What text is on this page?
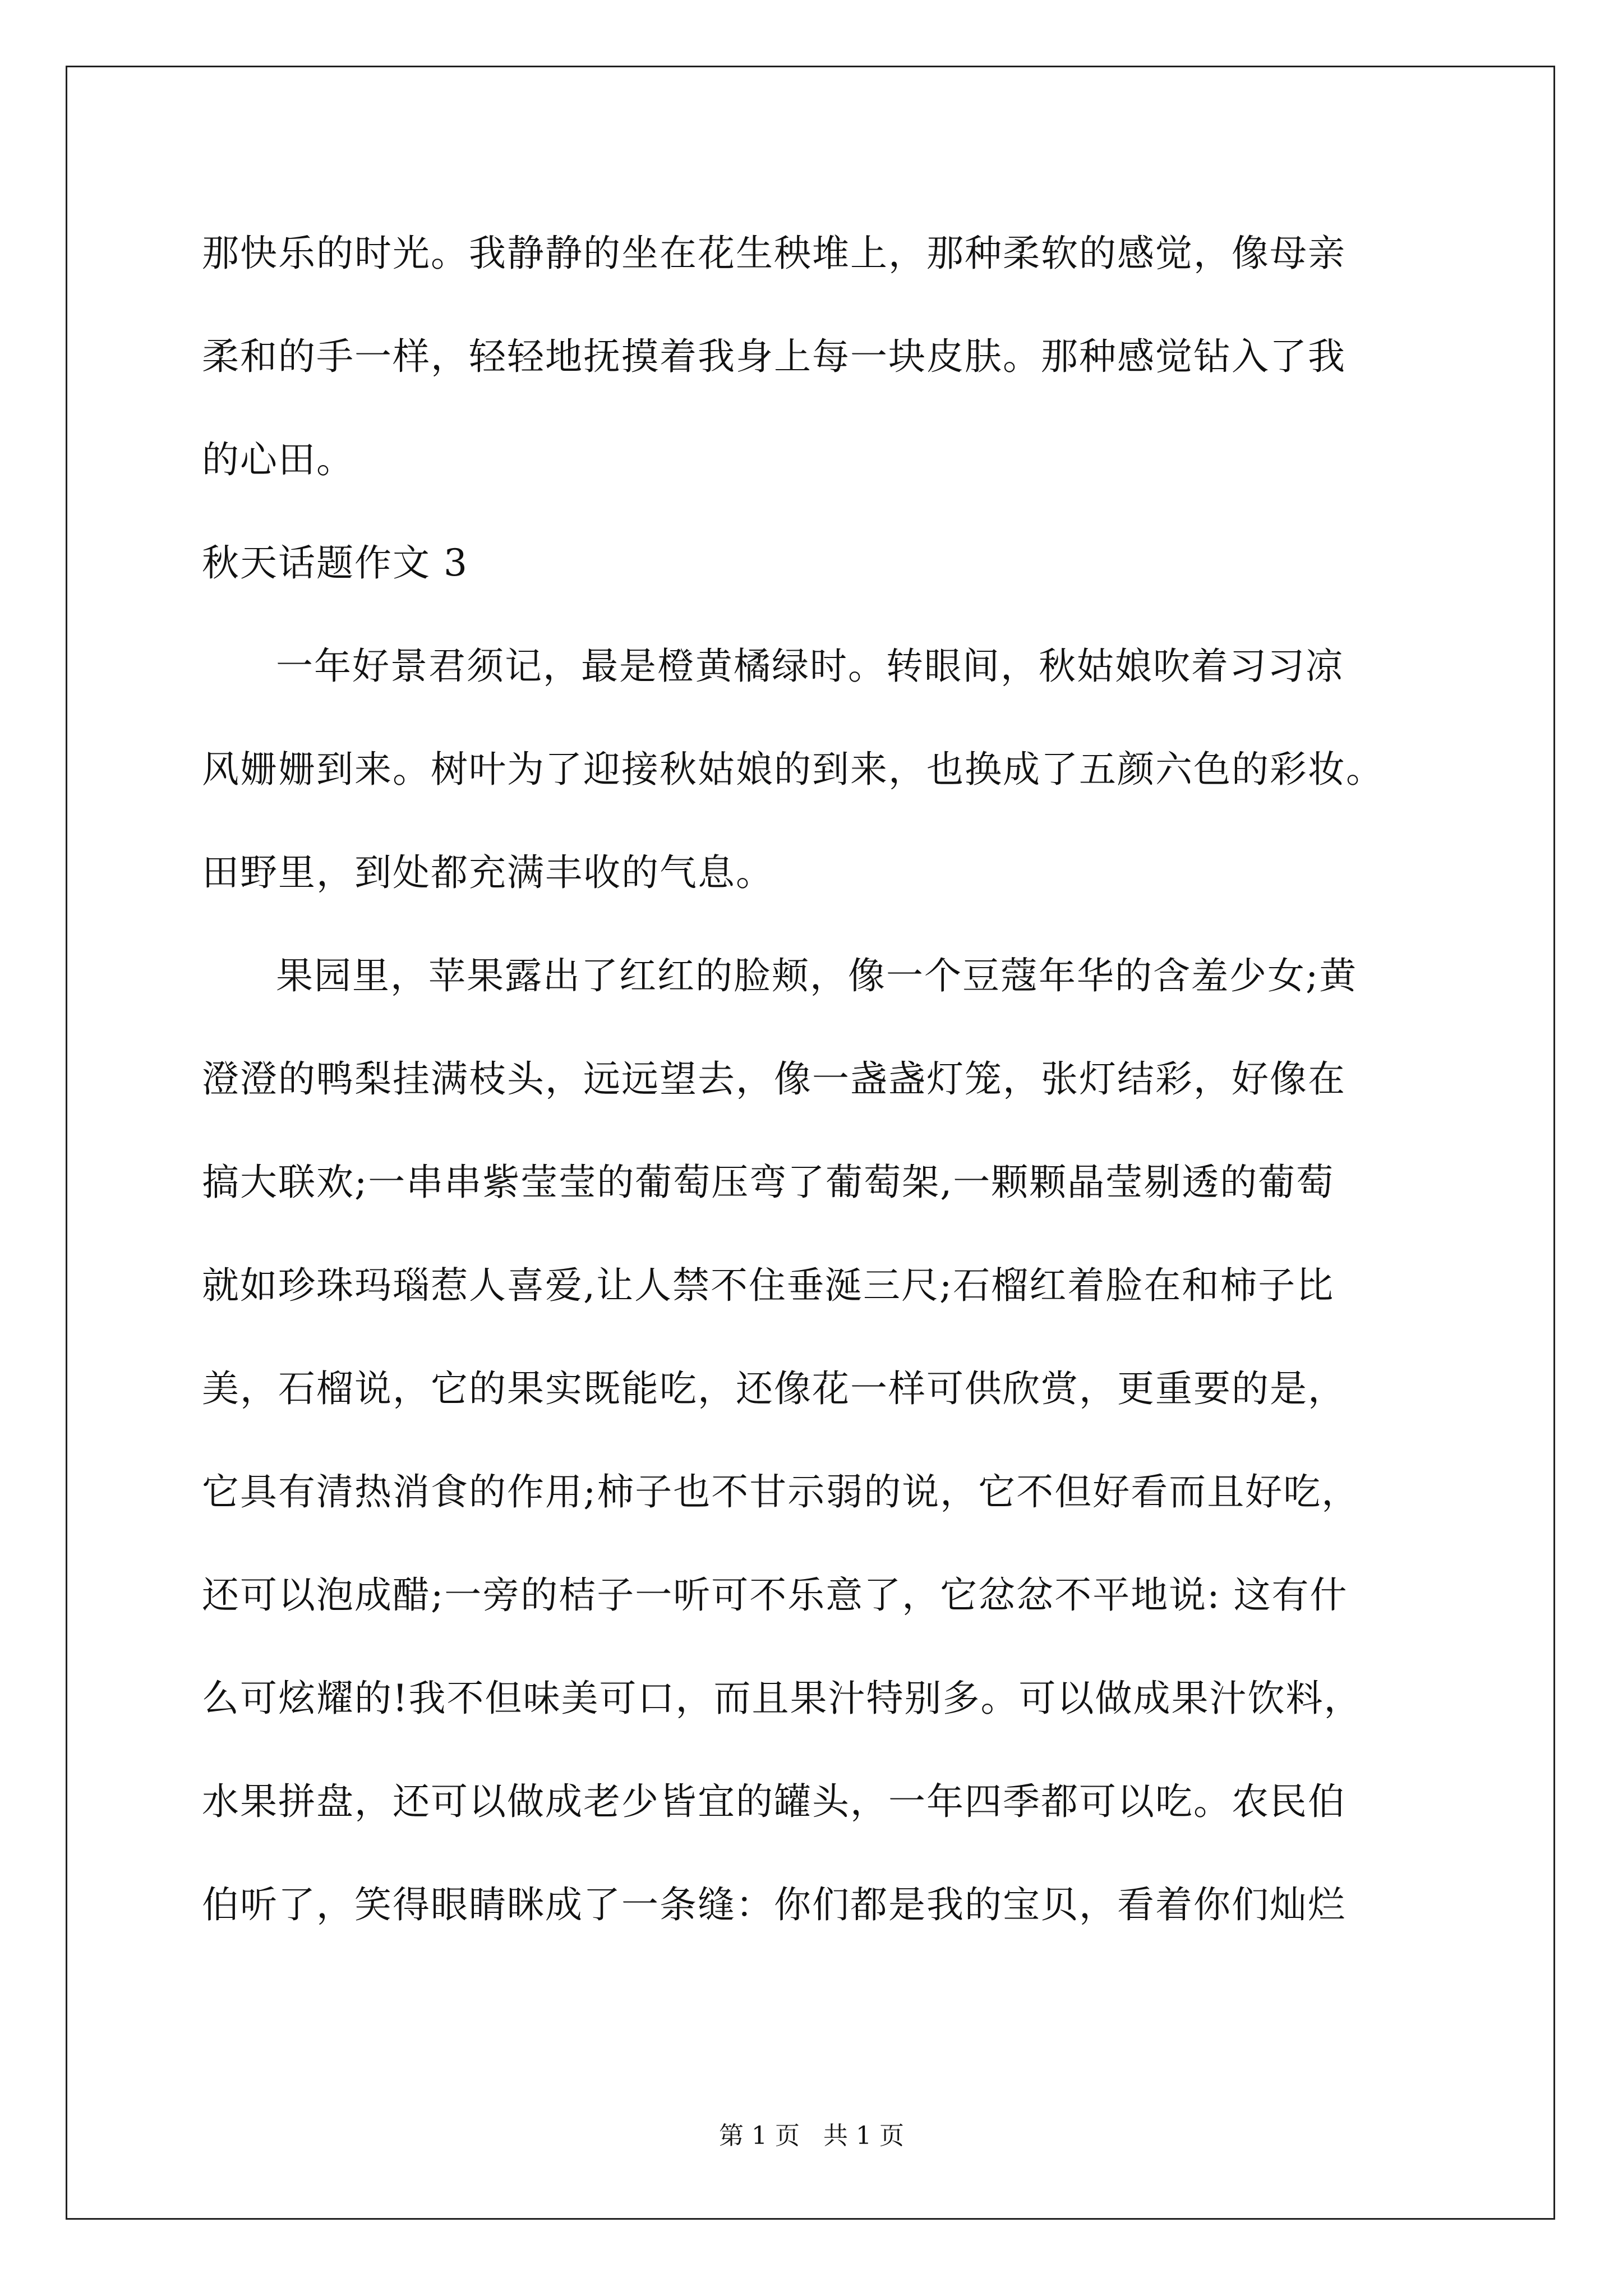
那快乐的时光。我静静的坐在花生秧堆上，那种柔软的感觉，像母亲
柔和的手一样，轻轻地抚摸着我身上每一块皮肤。那种感觉钻入了我
的心田。
秋天话题作文 3
一年好景君须记，最是橙黄橘绿时。转眼间，秋姑娘吹着习习凉
风姗姗到来。树叶为了迎接秋姑娘的到来，也换成了五颜六色的彩妆。
田野里，到处都充满丰收的气息。
果园里，苹果露出了红红的脸颊，像一个豆蔻年华的含羞少女;黄
澄澄的鸭梨挂满枝头，远远望去，像一盏盏灯笼，张灯结彩，好像在
搞大联欢;一串串紫莹莹的葡萄压弯了葡萄架,一颗颗晶莹剔透的葡萄
就如珍珠玛瑙惹人喜爱,让人禁不住垂涎三尺;石榴红着脸在和柿子比
美，石榴说，它的果实既能吃，还像花一样可供欣赏，更重要的是，
它具有清热消食的作用;柿子也不甘示弱的说，它不但好看而且好吃，
还可以泡成醋;一旁的桔子一听可不乐意了，它忿忿不平地说: 这有什
么可炫耀的!我不但味美可口，而且果汁特别多。可以做成果汁饮料，
水果拼盘，还可以做成老少皆宜的罐头，一年四季都可以吃。农民伯
伯听了，笑得眼睛眯成了一条缝：你们都是我的宝贝，看着你们灿烂
第 1 页   共 1 页
